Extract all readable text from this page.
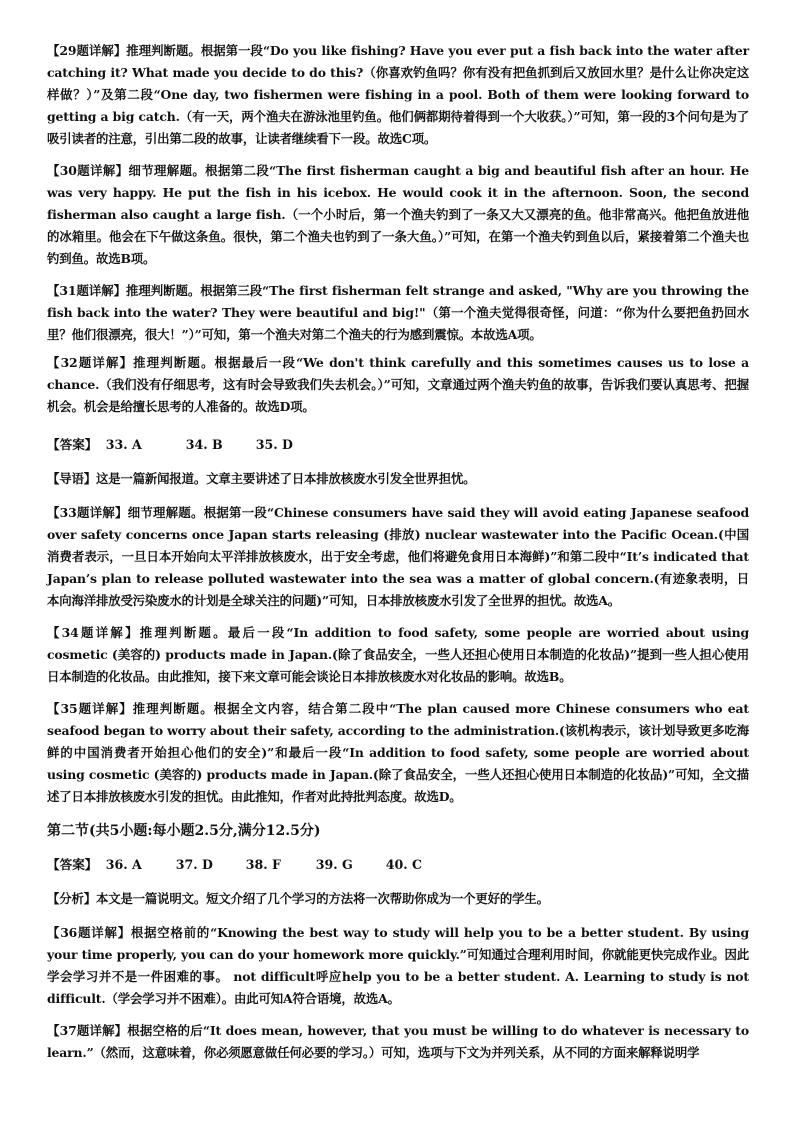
【29题详解】推理判断题。根据第一段“Do you like fishing? Have you ever put a fish back into the water after catching it? What made you decide to do this?（你喜欢钓鱼吗？你有没有把鱼抓到后又放回水里？是什么让你决定这样做？）”及第二段“One day, two fishermen were fishing in a pool. Both of them were looking forward to getting a big catch.（有一天，两个渔夫在游泳池里钓鱼。他们俩都期待着得到一个大收获。）”可知，第一段的3个问句是为了吸引读者的注意，引出第二段的故事，让读者继续看下一段。故选C项。
【30题详解】细节理解题。根据第二段“The first fisherman caught a big and beautiful fish after an hour. He was very happy. He put the fish in his icebox. He would cook it in the afternoon. Soon, the second fisherman also caught a large fish.（一个小时后，第一个渔夫钓到了一条又大又漂亮的鱼。他非常高兴。他把鱼放进他的冰箱里。他会在下午做这条鱼。很快，第二个渔夫也钓到了一条大鱼。）”可知，在第一个渔夫钓到鱼以后，紧接着第二个渔夫也钓到鱼。故选B项。
【31题详解】推理判断题。根据第三段“The first fisherman felt strange and asked, "Why are you throwing the fish back into the water? They were beautiful and big!"（第一个渔夫觉得很奇怪，问道：“你为什么要把鱼扔回水里？他们很漂亮，很大！”）”可知，第一个渔夫对第二个渔夫的行为感到震惊。本故选A项。
【32题详解】推理判断题。根据最后一段“We don't think carefully and this sometimes causes us to lose a chance.（我们没有仔细思考，这有时会导致我们失去机会。）”可知，文章通过两个渔夫钓鱼的故事，告诉我们要认真思考、把握机会。机会是给擅长思考的人准备的。故选D项。
【答案】 33. A	34. B	35. D
【导语】这是一篇新闻报道。文章主要讲述了日本排放核废水引发全世界担忧。
【33题详解】细节理解题。根据第一段“Chinese consumers have said they will avoid eating Japanese seafood over safety concerns once Japan starts releasing (排放) nuclear wastewater into the Pacific Ocean.(中国消费者表示，一旦日本开始向太平洋排放核废水，出于安全考虑，他们将避免食用日本海鲜)”和第二段中“It’s indicated that Japan’s plan to release polluted wastewater into the sea was a matter of global concern.(有迹象表明，日本向海洋排放受污染废水的计划是全球关注的问题)”可知，日本排放核废水引发了全世界的担忧。故选A。
【34题详解】推理判断题。最后一段“In addition to food safety, some people are worried about using cosmetic (美容的) products made in Japan.(除了食品安全，一些人还担心使用日本制造的化妆品)”提到一些人担心使用日本制造的化妆品。由此推知，接下来文章可能会谈论日本排放核废水对化妆品的影响。故选B。
【35题详解】推理判断题。根据全文内容，结合第二段中“The plan caused more Chinese consumers who eat seafood began to worry about their safety, according to the administration.(该机构表示，该计划导致更多吃海鲜的中国消费者开始担心他们的安全)”和最后一段“In addition to food safety, some people are worried about using cosmetic (美容的) products made in Japan.(除了食品安全，一些人还担心使用日本制造的化妆品)”可知，全文描述了日本排放核废水引发的担忧。由此推知，作者对此持批判态度。故选D。
第二节(共5小题:每小题2.5分,满分12.5分)
【答案】 36. A	37. D	38. F	39. G	40. C
【分析】本文是一篇说明文。短文介绍了几个学习的方法将一次帮助你成为一个更好的学生。
【36题详解】根据空格前的“Knowing the best way to study will help you to be a better student. By using your time properly, you can do your homework more quickly.”可知通过合理利用时间，你就能更快完成作业。因此学会学习并不是一件困难的事。 not difficult呼应help you to be a better student. A. Learning to study is not difficult.（学会学习并不困难）。由此可知A符合语境，故选A。
【37题详解】根据空格的后“It does mean, however, that you must be willing to do whatever is necessary to learn.”（然而，这意味着，你必须愿意做任何必要的学习。）可知，选项与下文为并列关系，从不同的方面来解释说明学
